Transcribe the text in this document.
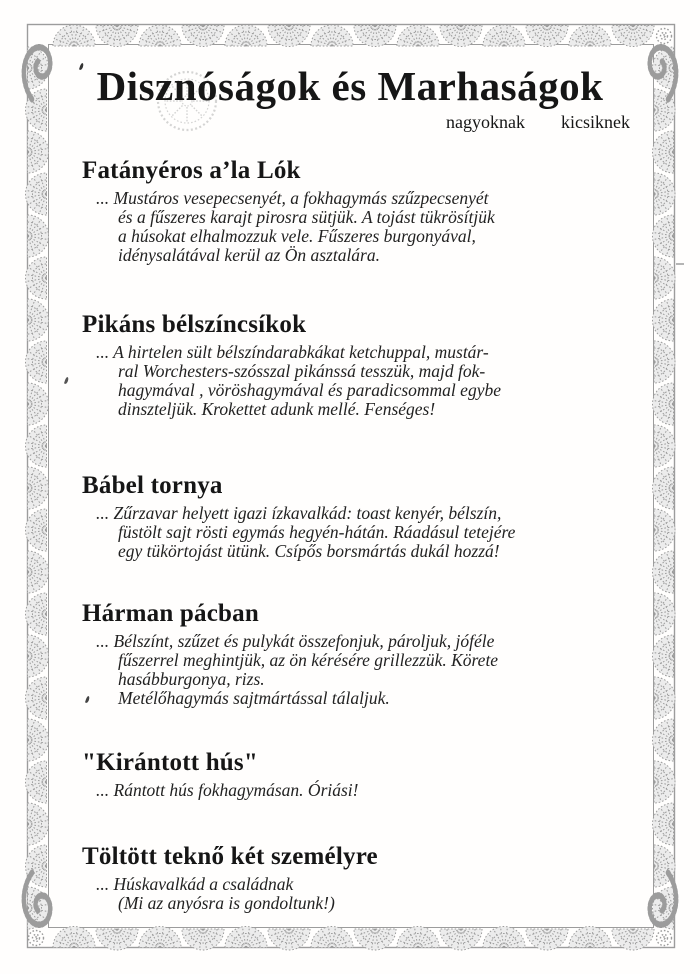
Disznóságok és Marhaságok
nagyoknak kicsiknek
Fatányéros a’la Lók
... Mustáros vesepecsenyét, a fokhagymás szűzpecsenyét
és a fűszeres karajt pirosra sütjük. A tojást tükrösítjük
a húsokat elhalmozzuk vele. Fűszeres burgonyával,
idénysalátával kerül az Ön asztalára.
Pikáns bélszíncsíkok
... A hirtelen sült bélszíndarabkákat ketchuppal, mustár-
ral Worchesters-szósszal pikánssá tesszük, majd fok-
hagymával , vöröshagymával és paradicsommal egybe
dinszteljük. Krokettet adunk mellé. Fenséges!
Bábel tornya
... Zűrzavar helyett igazi ízkavalkád: toast kenyér, bélszín,
füstölt sajt rösti egymás hegyén-hátán. Ráadásul tetejére
egy tükörtojást ütünk. Csípős borsmártás dukál hozzá!
Hárman pácban
... Bélszínt, szűzet és pulykát összefonjuk, pároljuk, jóféle
fűszerrel meghintjük, az ön kérésére grillezzük. Körete
hasábburgonya, rizs.
Metélőhagymás sajtmártással tálaljuk.
"Kirántott hús"
... Rántott hús fokhagymásan. Óriási!
Töltött teknő két személyre
... Húskavalkád a családnak
(Mi az anyósra is gondoltunk!)
